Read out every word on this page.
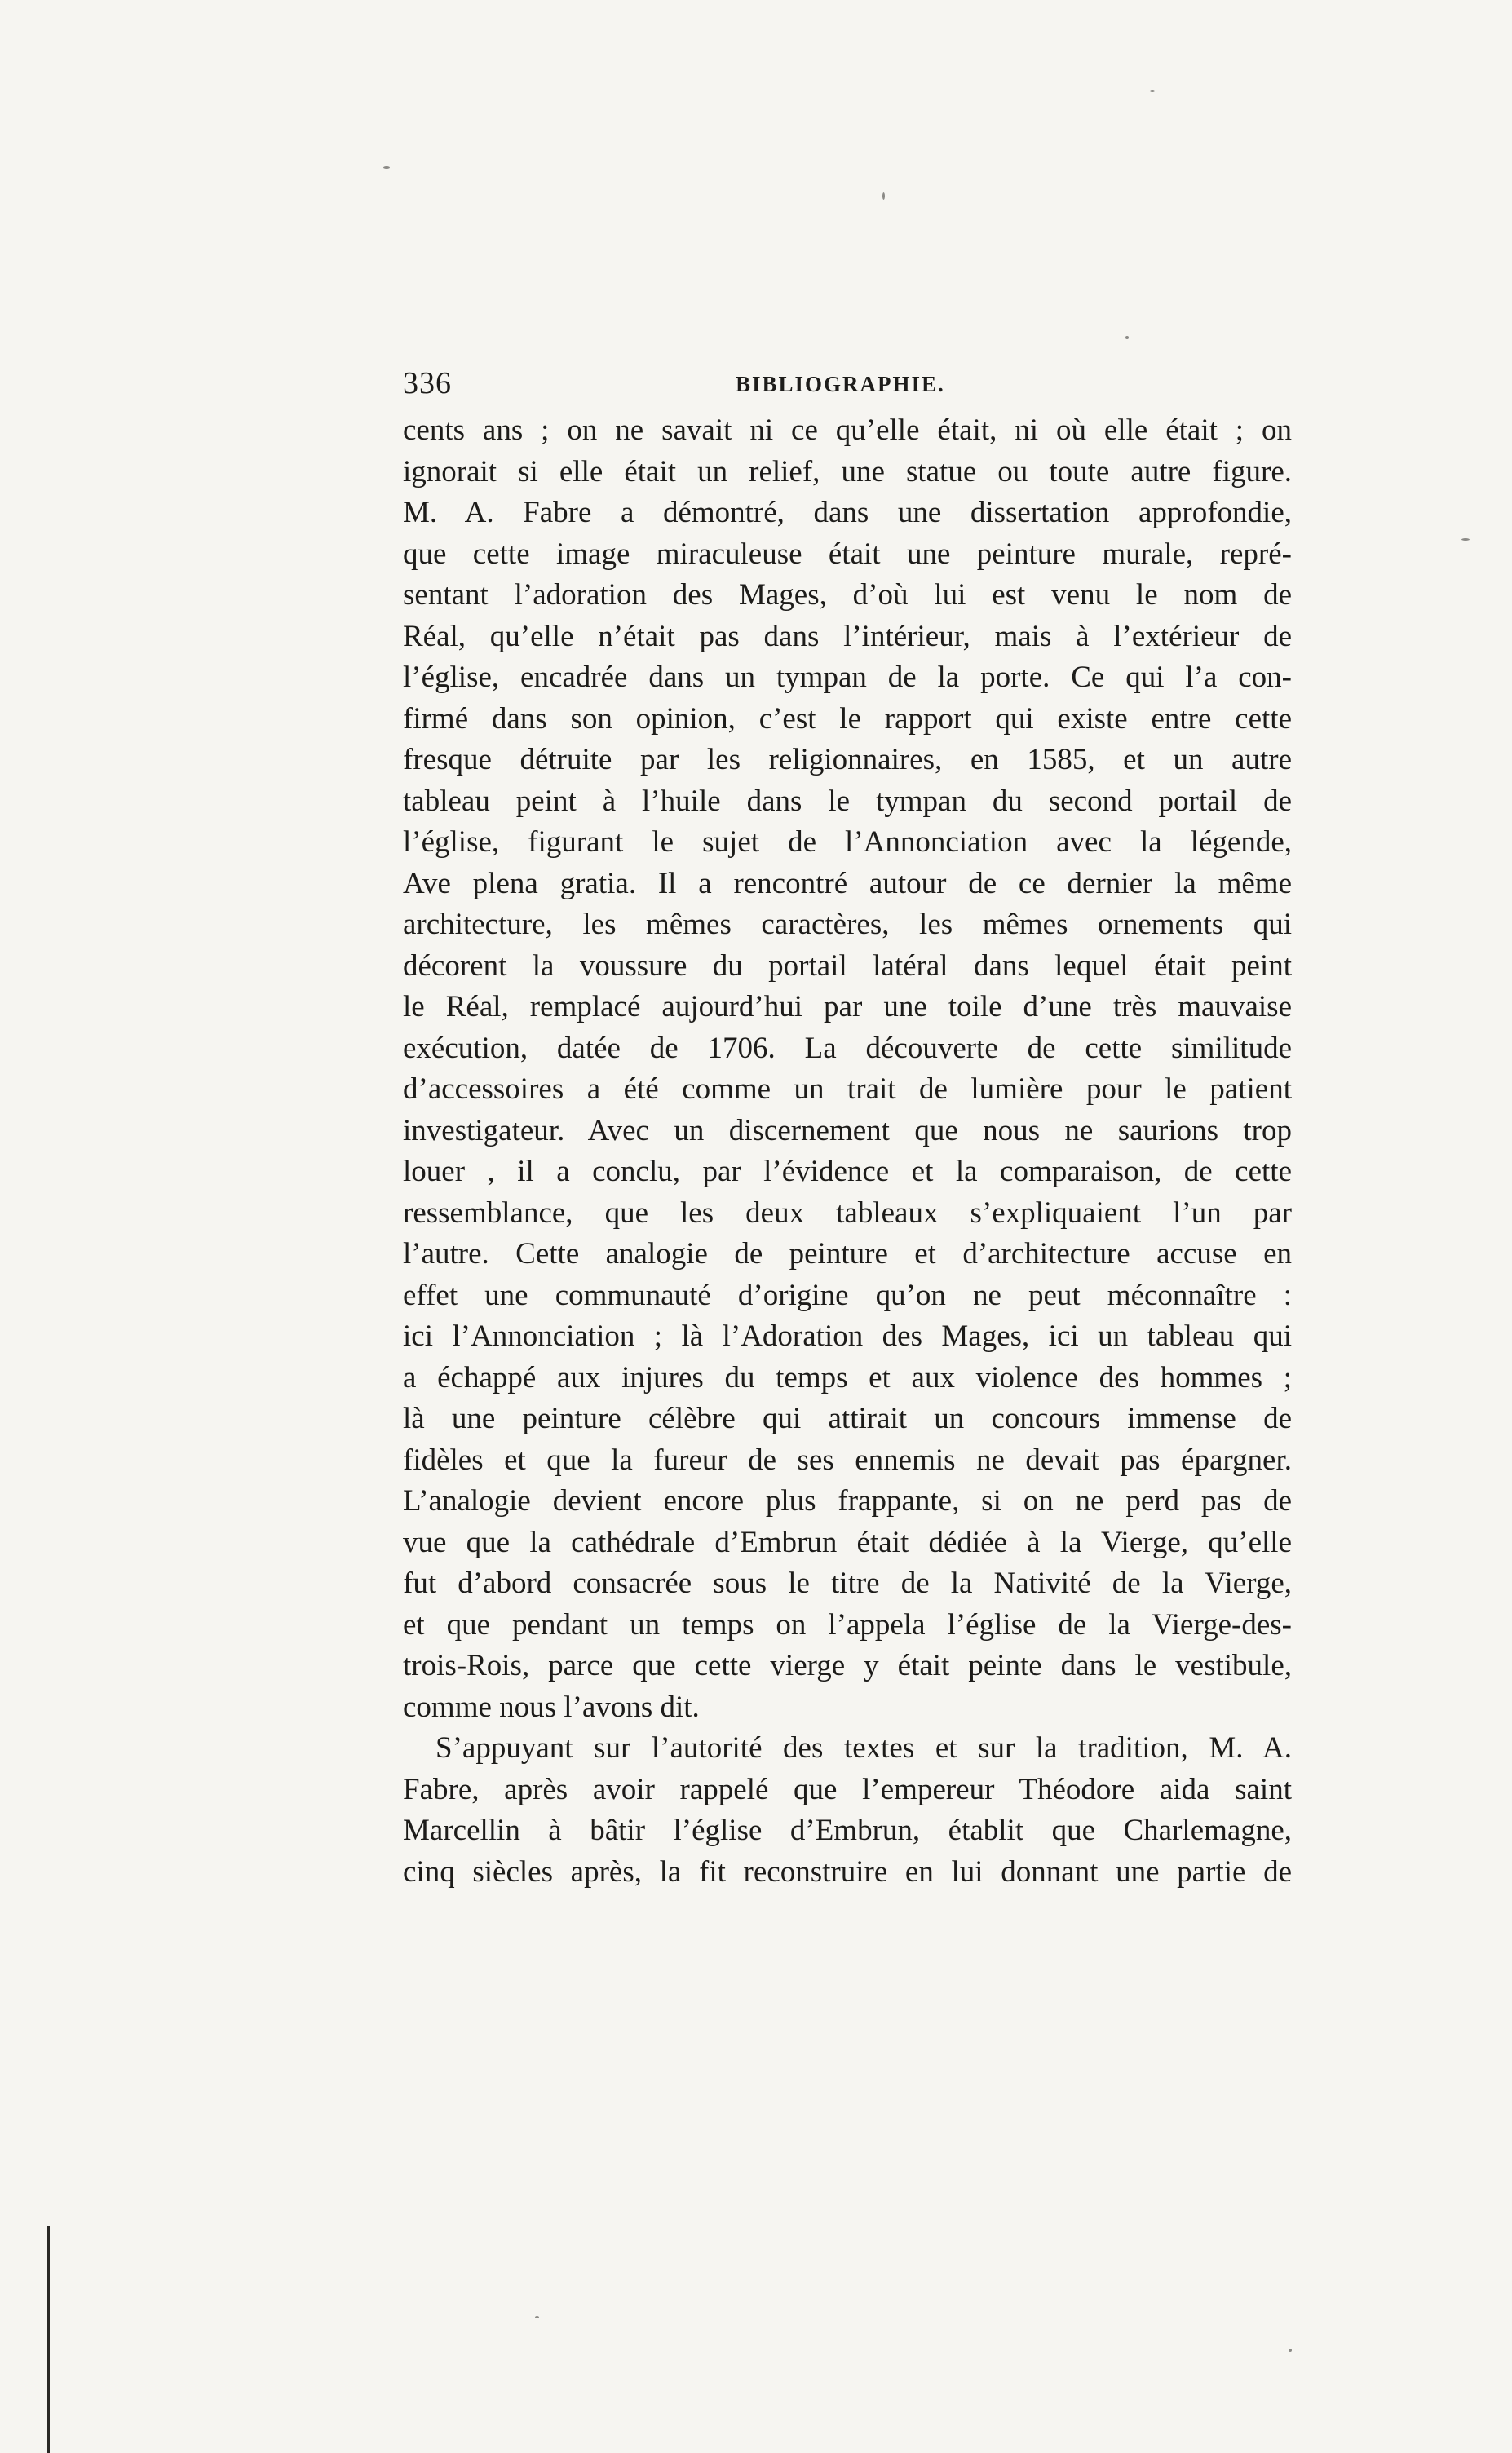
336	BIBLIOGRAPHIE.
cents ans ; on ne savait ni ce qu’elle était, ni où elle était ; on
ignorait si elle était un relief, une statue ou toute autre figure.
M. A. Fabre a démontré, dans une dissertation approfondie,
que cette image miraculeuse était une peinture murale, repré-
sentant l’adoration des Mages, d’où lui est venu le nom de
Réal, qu’elle n’était pas dans l’intérieur, mais à l’extérieur de
l’église, encadrée dans un tympan de la porte. Ce qui l’a con-
firmé dans son opinion, c’est le rapport qui existe entre cette
fresque détruite par les religionnaires, en 1585, et un autre
tableau peint à l’huile dans le tympan du second portail de
l’église, figurant le sujet de l’Annonciation avec la légende,
Ave plena gratia. Il a rencontré autour de ce dernier la même
architecture, les mêmes caractères, les mêmes ornements qui
décorent la voussure du portail latéral dans lequel était peint
le Réal, remplacé aujourd’hui par une toile d’une très mauvaise
exécution, datée de 1706. La découverte de cette similitude
d’accessoires a été comme un trait de lumière pour le patient
investigateur. Avec un discernement que nous ne saurions trop
louer , il a conclu, par l’évidence et la comparaison, de cette
ressemblance, que les deux tableaux s’expliquaient l’un par
l’autre. Cette analogie de peinture et d’architecture accuse en
effet une communauté d’origine qu’on ne peut méconnaître :
ici l’Annonciation ; là l’Adoration des Mages, ici un tableau qui
a échappé aux injures du temps et aux violence des hommes ;
là une peinture célèbre qui attirait un concours immense de
fidèles et que la fureur de ses ennemis ne devait pas épargner.
L’analogie devient encore plus frappante, si on ne perd pas de
vue que la cathédrale d’Embrun était dédiée à la Vierge, qu’elle
fut d’abord consacrée sous le titre de la Nativité de la Vierge,
et que pendant un temps on l’appela l’église de la Vierge-des-
trois-Rois, parce que cette vierge y était peinte dans le vestibule,
comme nous l’avons dit.
S’appuyant sur l’autorité des textes et sur la tradition, M. A.
Fabre, après avoir rappelé que l’empereur Théodore aida saint
Marcellin à bâtir l’église d’Embrun, établit que Charlemagne,
cinq siècles après, la fit reconstruire en lui donnant une partie de
